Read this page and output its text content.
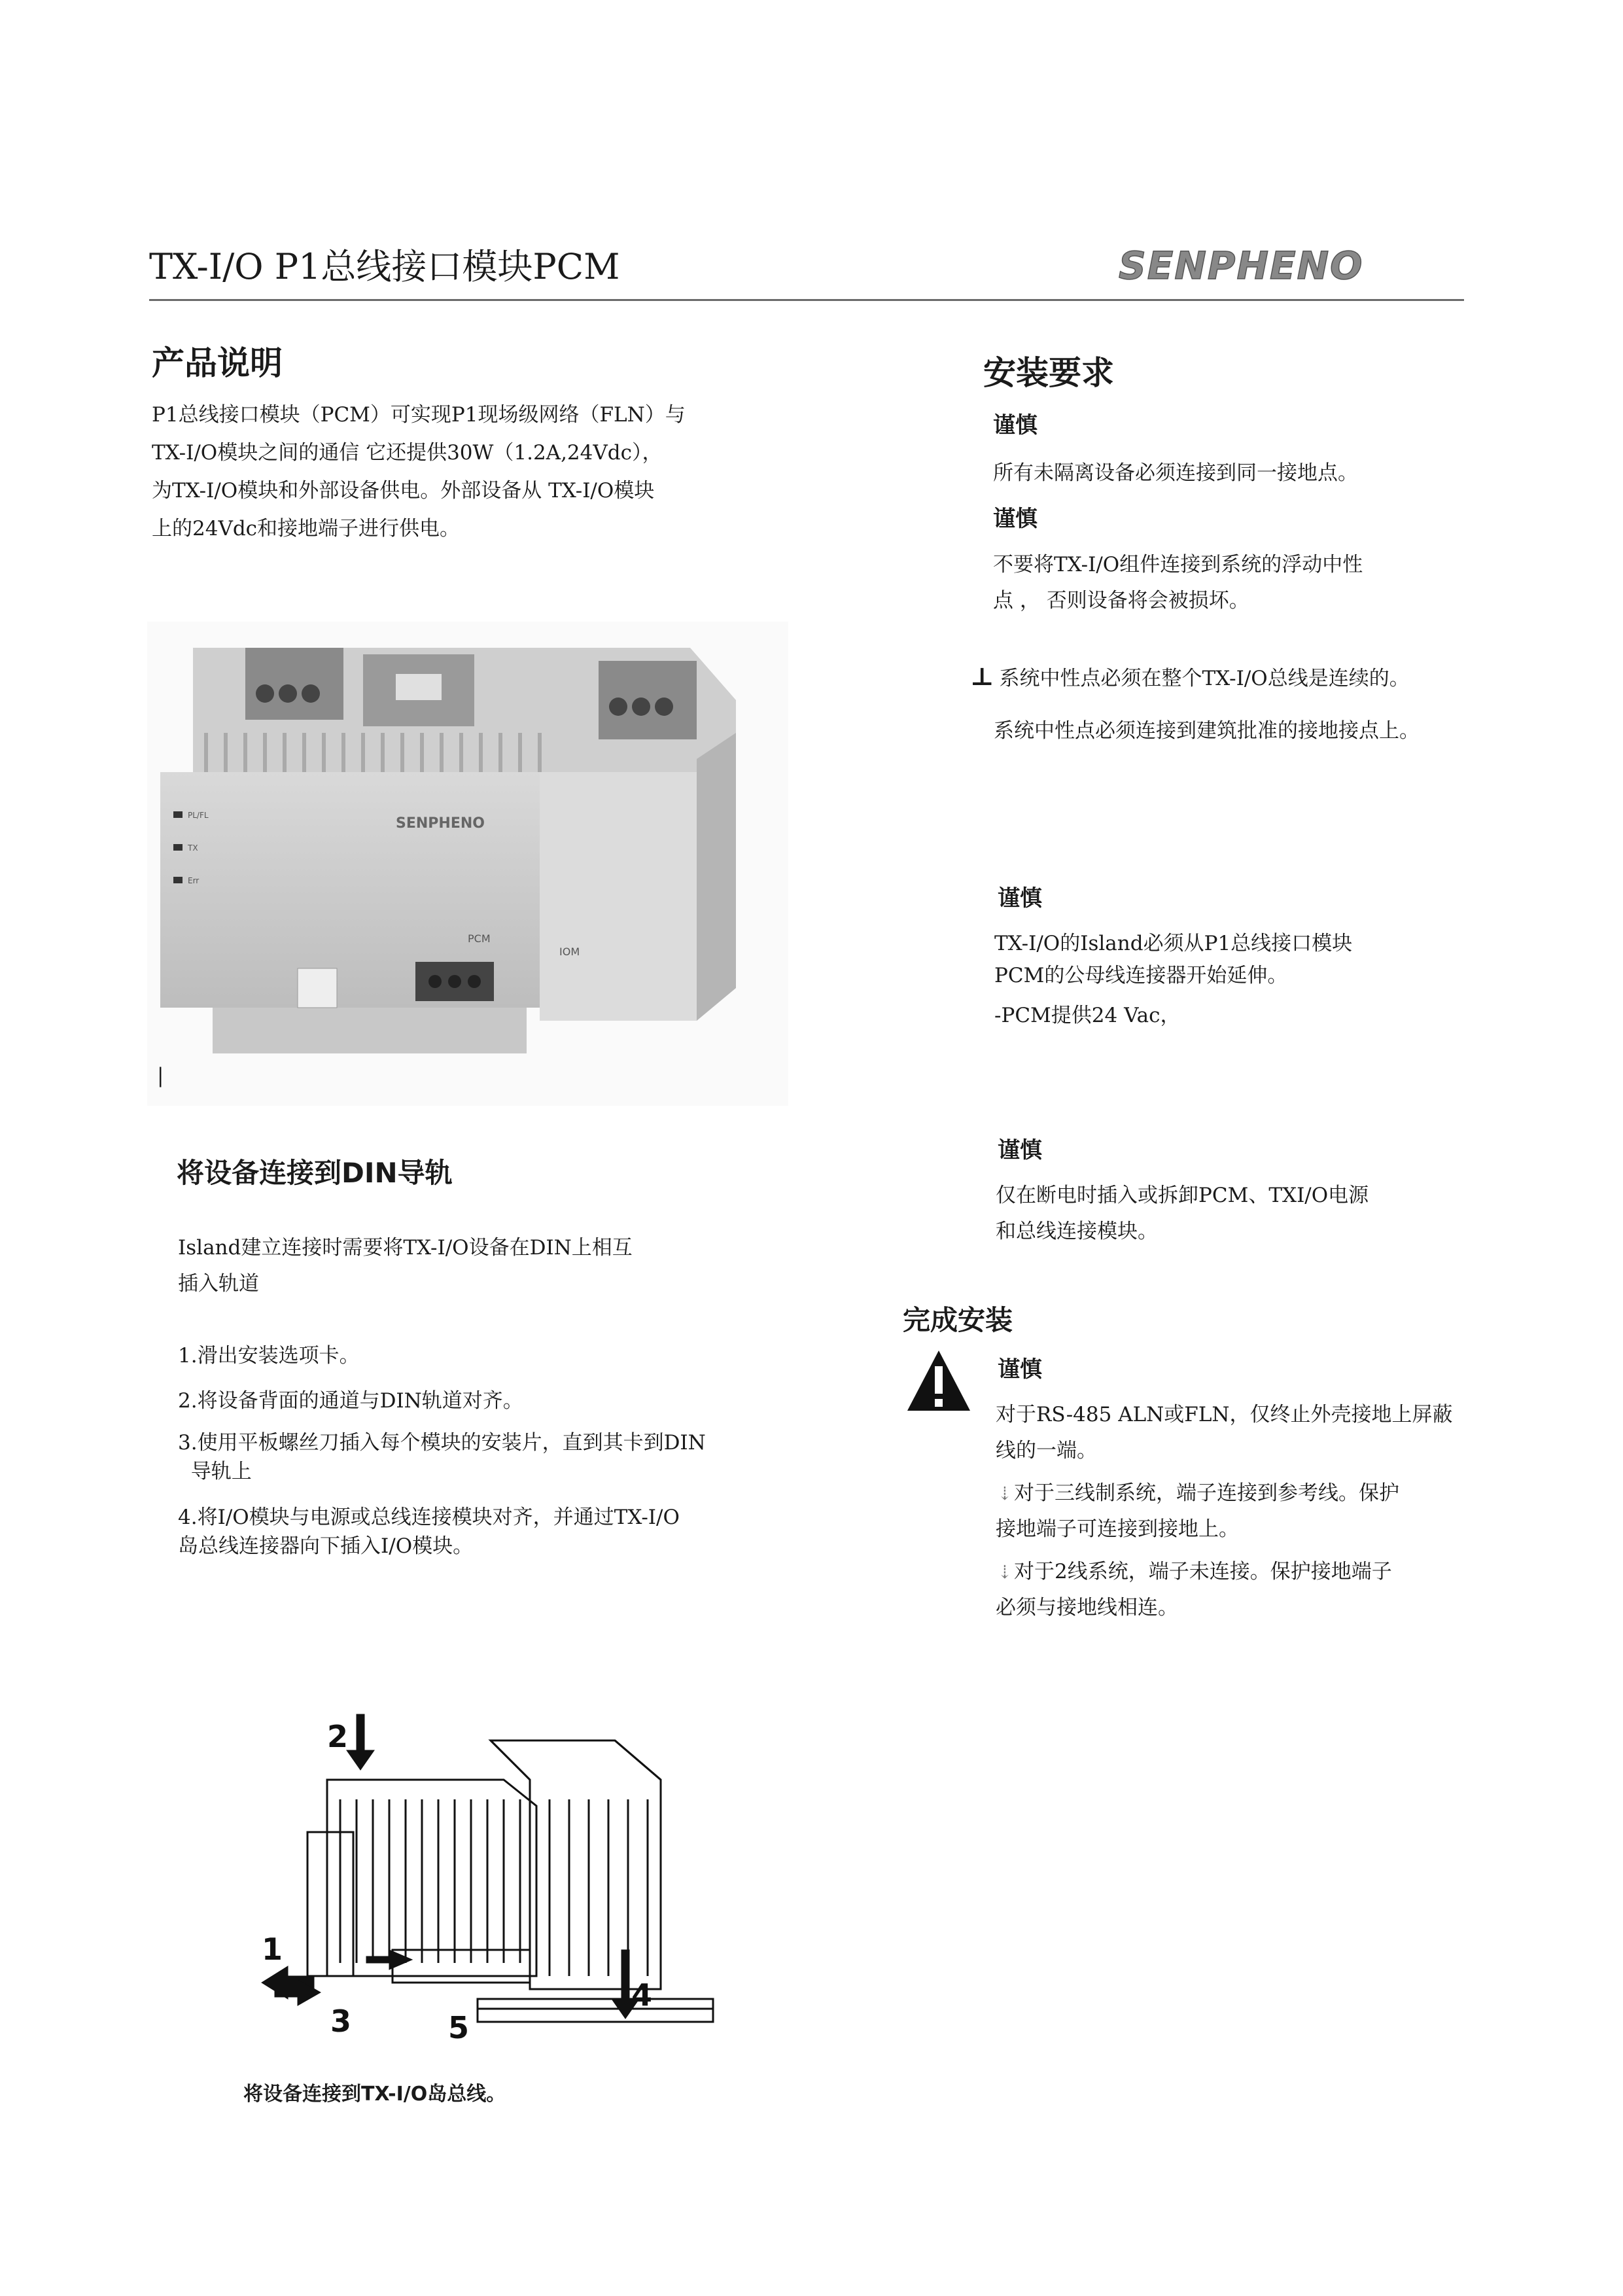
TX-I/O P1总线接口模块PCM	SENPHENO
产品说明
P1总线接口模块（PCM）可实现P1现场级网络（FLN）与
TX-I/O模块之间的通信 它还提供30W（1.2A,24Vdc），
为TX-I/O模块和外部设备供电。外部设备从 TX-I/O模块
上的24Vdc和接地端子进行供电。
SENPHENO
PL/FL
TX
Err
PCM
IOM
|
将设备连接到DIN导轨
Island建立连接时需要将TX-I/O设备在DIN上相互
插入轨道
1.滑出安装选项卡。
2.将设备背面的通道与DIN轨道对齐。
3.使用平板螺丝刀插入每个模块的安装片，直到其卡到DIN
导轨上
4.将I/O模块与电源或总线连接模块对齐，并通过TX-I/O
岛总线连接器向下插入I/O模块。
2
1
3	5
4
将设备连接到TX-I/O岛总线。
安装要求
谨慎
所有未隔离设备必须连接到同一接地点。
谨慎
不要将TX-I/O组件连接到系统的浮动中性
点 ， 否则设备将会被损坏。
⊥ 系统中性点必须在整个TX-I/O总线是连续的。
系统中性点必须连接到建筑批准的接地接点上。
谨慎
TX-I/O的Island必须从P1总线接口模块
PCM的公母线连接器开始延伸。
-PCM提供24 Vac，
谨慎
仅在断电时插入或拆卸PCM、TXI/O电源
和总线连接模块。
完成安装
谨慎
对于RS-485 ALN或FLN，仅终止外壳接地上屏蔽
线的一端。
⇣对于三线制系统，端子连接到参考线。保护
接地端子可连接到接地上。
⇣对于2线系统，端子未连接。保护接地端子
必须与接地线相连。
